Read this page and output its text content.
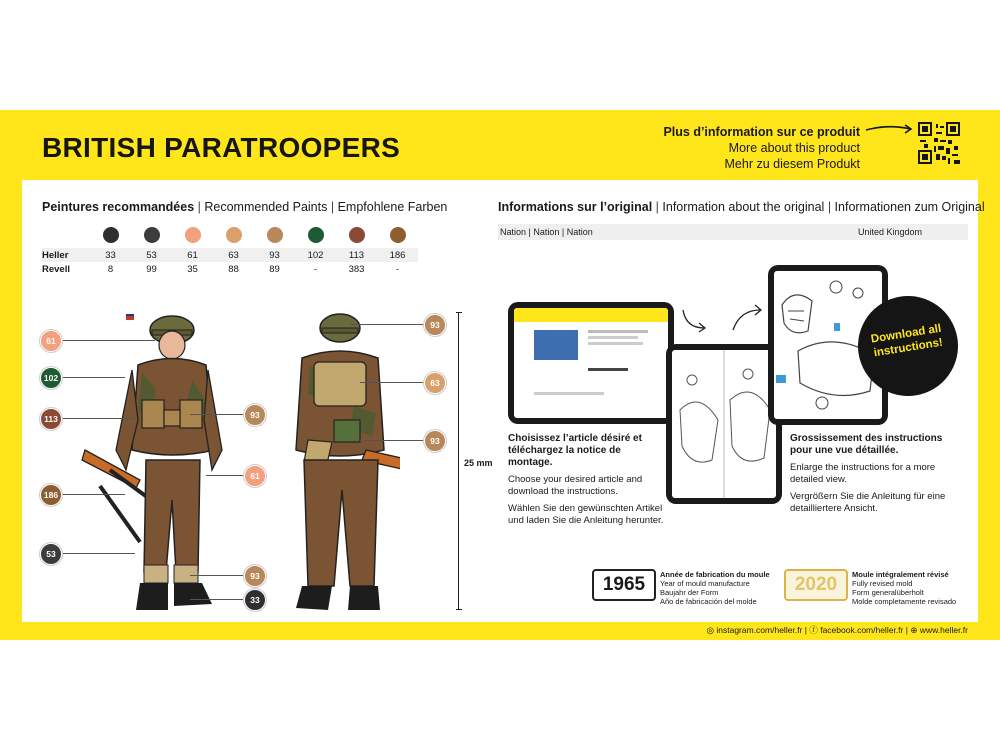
BRITISH PARATROOPERS	Plus d’information sur ce produit
More about this product
Mehr zu diesem Produkt
Peintures recommandées | Recommended Paints | Empfohlene Farben

Heller	33	53	61	63	93	102	113	186
Revell	8	99	35	88	89	-	383	-
Informations sur l’original | Information about the original | Informationen zum Original
Nation | Nation | Nation	United Kingdom
61
102
113
186
53
93
61
93
33
93
63
93
25 mm
Download all instructions!
Choisissez l’article désiré et téléchargez la notice de montage.

Choose your desired article and download the instructions.

Wählen Sie den gewünschten Artikel und laden Sie die Anleitung herunter.

Grossissement des instructions pour une vue détaillée.

Enlarge the instructions for a more detailed view.

Vergrößern Sie die Anleitung für eine detailliertere Ansicht.

1965	Année de fabrication du moule
Year of mould manufacture
Baujahr der Form
Año de fabricación del molde
2020	Moule intégralement révisé
Fully revised mold
Form generalüberholt
Molde completamente revisado
◎ instagram.com/heller.fr | ⓕ facebook.com/heller.fr | ⊕ www.heller.fr
